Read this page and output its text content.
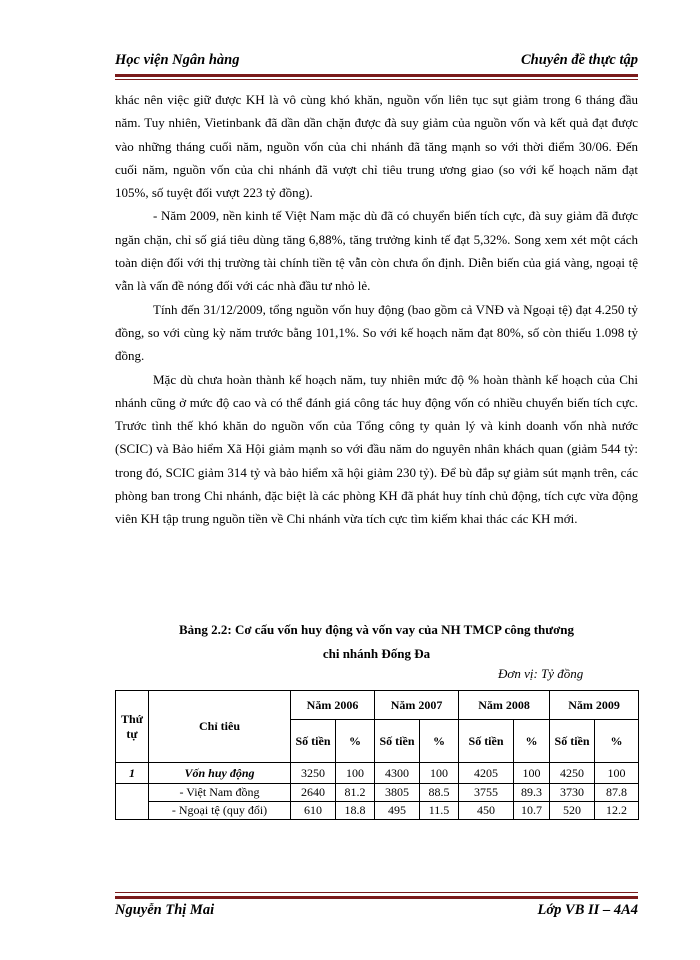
Học viện Ngân hàng	Chuyên đề thực tập

khác nên việc giữ được KH là vô cùng khó khăn, nguồn vốn liên tục sụt giảm trong 6 tháng đầu năm. Tuy nhiên, Vietinbank đã dần dần chặn được đà suy giảm của nguồn vốn và kết quả đạt được vào những tháng cuối năm, nguồn vốn của chi nhánh đã tăng mạnh so với thời điểm 30/06. Đến cuối năm, nguồn vốn của chi nhánh đã vượt chỉ tiêu trung ương giao (so với kế hoạch năm đạt 105%, số tuyệt đối vượt 223 tỷ đồng).

- Năm 2009, nền kinh tế Việt Nam mặc dù đã có chuyển biến tích cực, đà suy giảm đã được ngăn chặn, chỉ số giá tiêu dùng tăng 6,88%, tăng trưởng kinh tế đạt 5,32%. Song xem xét một cách toàn diện đối với thị trường tài chính tiền tệ vẫn còn chưa ổn định. Diễn biến của giá vàng, ngoại tệ vẫn là vấn đề nóng đối với các nhà đầu tư nhỏ lẻ.

Tính đến 31/12/2009, tổng nguồn vốn huy động (bao gồm cả VNĐ và Ngoại tệ) đạt 4.250 tỷ đồng, so với cùng kỳ năm trước bằng 101,1%. So với kế hoạch năm đạt 80%, số còn thiếu 1.098 tỷ đồng.

Mặc dù chưa hoàn thành kế hoạch năm, tuy nhiên mức độ % hoàn thành kế hoạch của Chi nhánh cũng ở mức độ cao và có thể đánh giá công tác huy động vốn có nhiều chuyển biến tích cực. Trước tình thế khó khăn do nguồn vốn của Tổng công ty quản lý và kinh doanh vốn nhà nước (SCIC) và Bảo hiểm Xã Hội giảm mạnh so với đầu năm do nguyên nhân khách quan (giảm 544 tỷ: trong đó, SCIC giảm 314 tỷ và bảo hiểm xã hội giảm 230 tỷ). Để bù đắp sự giảm sút mạnh trên, các phòng ban trong Chi nhánh, đặc biệt là các phòng KH đã phát huy tính chủ động, tích cực vừa động viên KH tập trung nguồn tiền về Chi nhánh vừa tích cực tìm kiếm khai thác các KH mới.

Bảng 2.2: Cơ cấu vốn huy động và vốn vay của NH TMCP công thương
chi nhánh Đống Đa
Đơn vị: Tỷ đồng
Thứ tự	Chỉ tiêu	Năm 2006		Năm 2007		Năm 2008		Năm 2009	
		Số tiền	%	Số tiền	%	Số tiền	%	Số tiền	%
1	Vốn huy động	3250	100	4300	100	4205	100	4250	100
	- Việt Nam đồng	2640	81.2	3805	88.5	3755	89.3	3730	87.8
	- Ngoại tệ (quy đổi)	610	18.8	495	11.5	450	10.7	520	12.2
Nguyễn Thị Mai	Lớp VB II – 4A4
